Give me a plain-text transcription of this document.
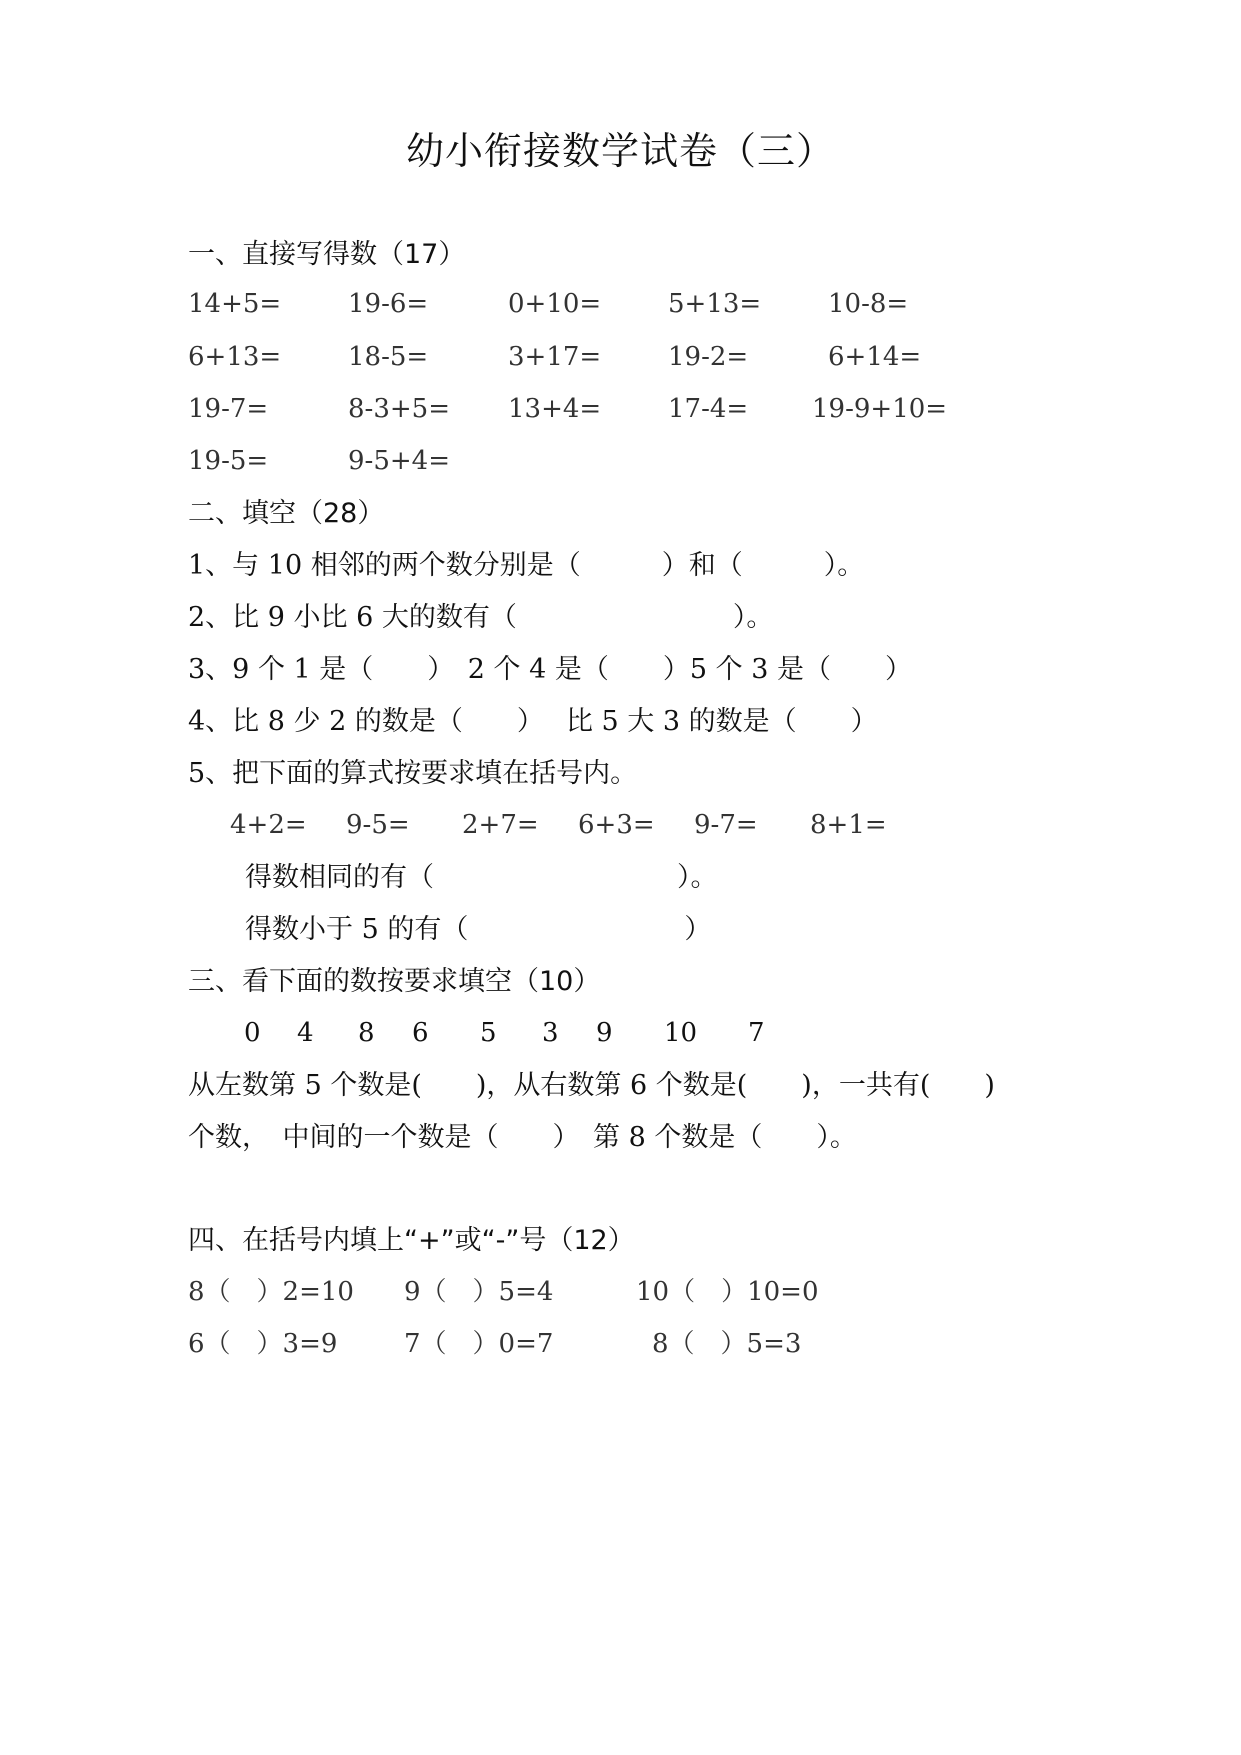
幼小衔接数学试卷（三）
一、直接写得数（17）
14+5=	19-6=	0+10=	5+13=	10-8=
6+13=	18-5=	3+17=	19-2=	6+14=
19-7=	8-3+5= 13+4=	17-4= 19-9+10=
19-5=	9-5+4=
二、填空（28）
1、与 10 相邻的两个数分别是（　　　）和（　　　）。
2、比 9 小比 6 大的数有（　　　　　　　　）。
3、9 个 1 是（　　）　2 个 4 是（　　）5 个 3 是（　　）
4、比 8 少 2 的数是（　　）　 比 5 大 3 的数是（　　）
5、把下面的算式按要求填在括号内。
4+2= 9-5= 2+7= 6+3= 9-7= 8+1=
得数相同的有（　　　　　　　　　）。
得数小于 5 的有（　　　　　　　　）
三、看下面的数按要求填空（10）
0 4 8 6 5 3 9 10 7
从左数第 5 个数是(　　)，从右数第 6 个数是(　　)，一共有(　　)
个数，　中间的一个数是（　　）　第 8 个数是（　　）。
四、在括号内填上“+”或“-”号（12）
8（　）2=10 9（　）5=4	10（　）10=0
6（　）3=9	7（　）0=7	8（　）5=3
